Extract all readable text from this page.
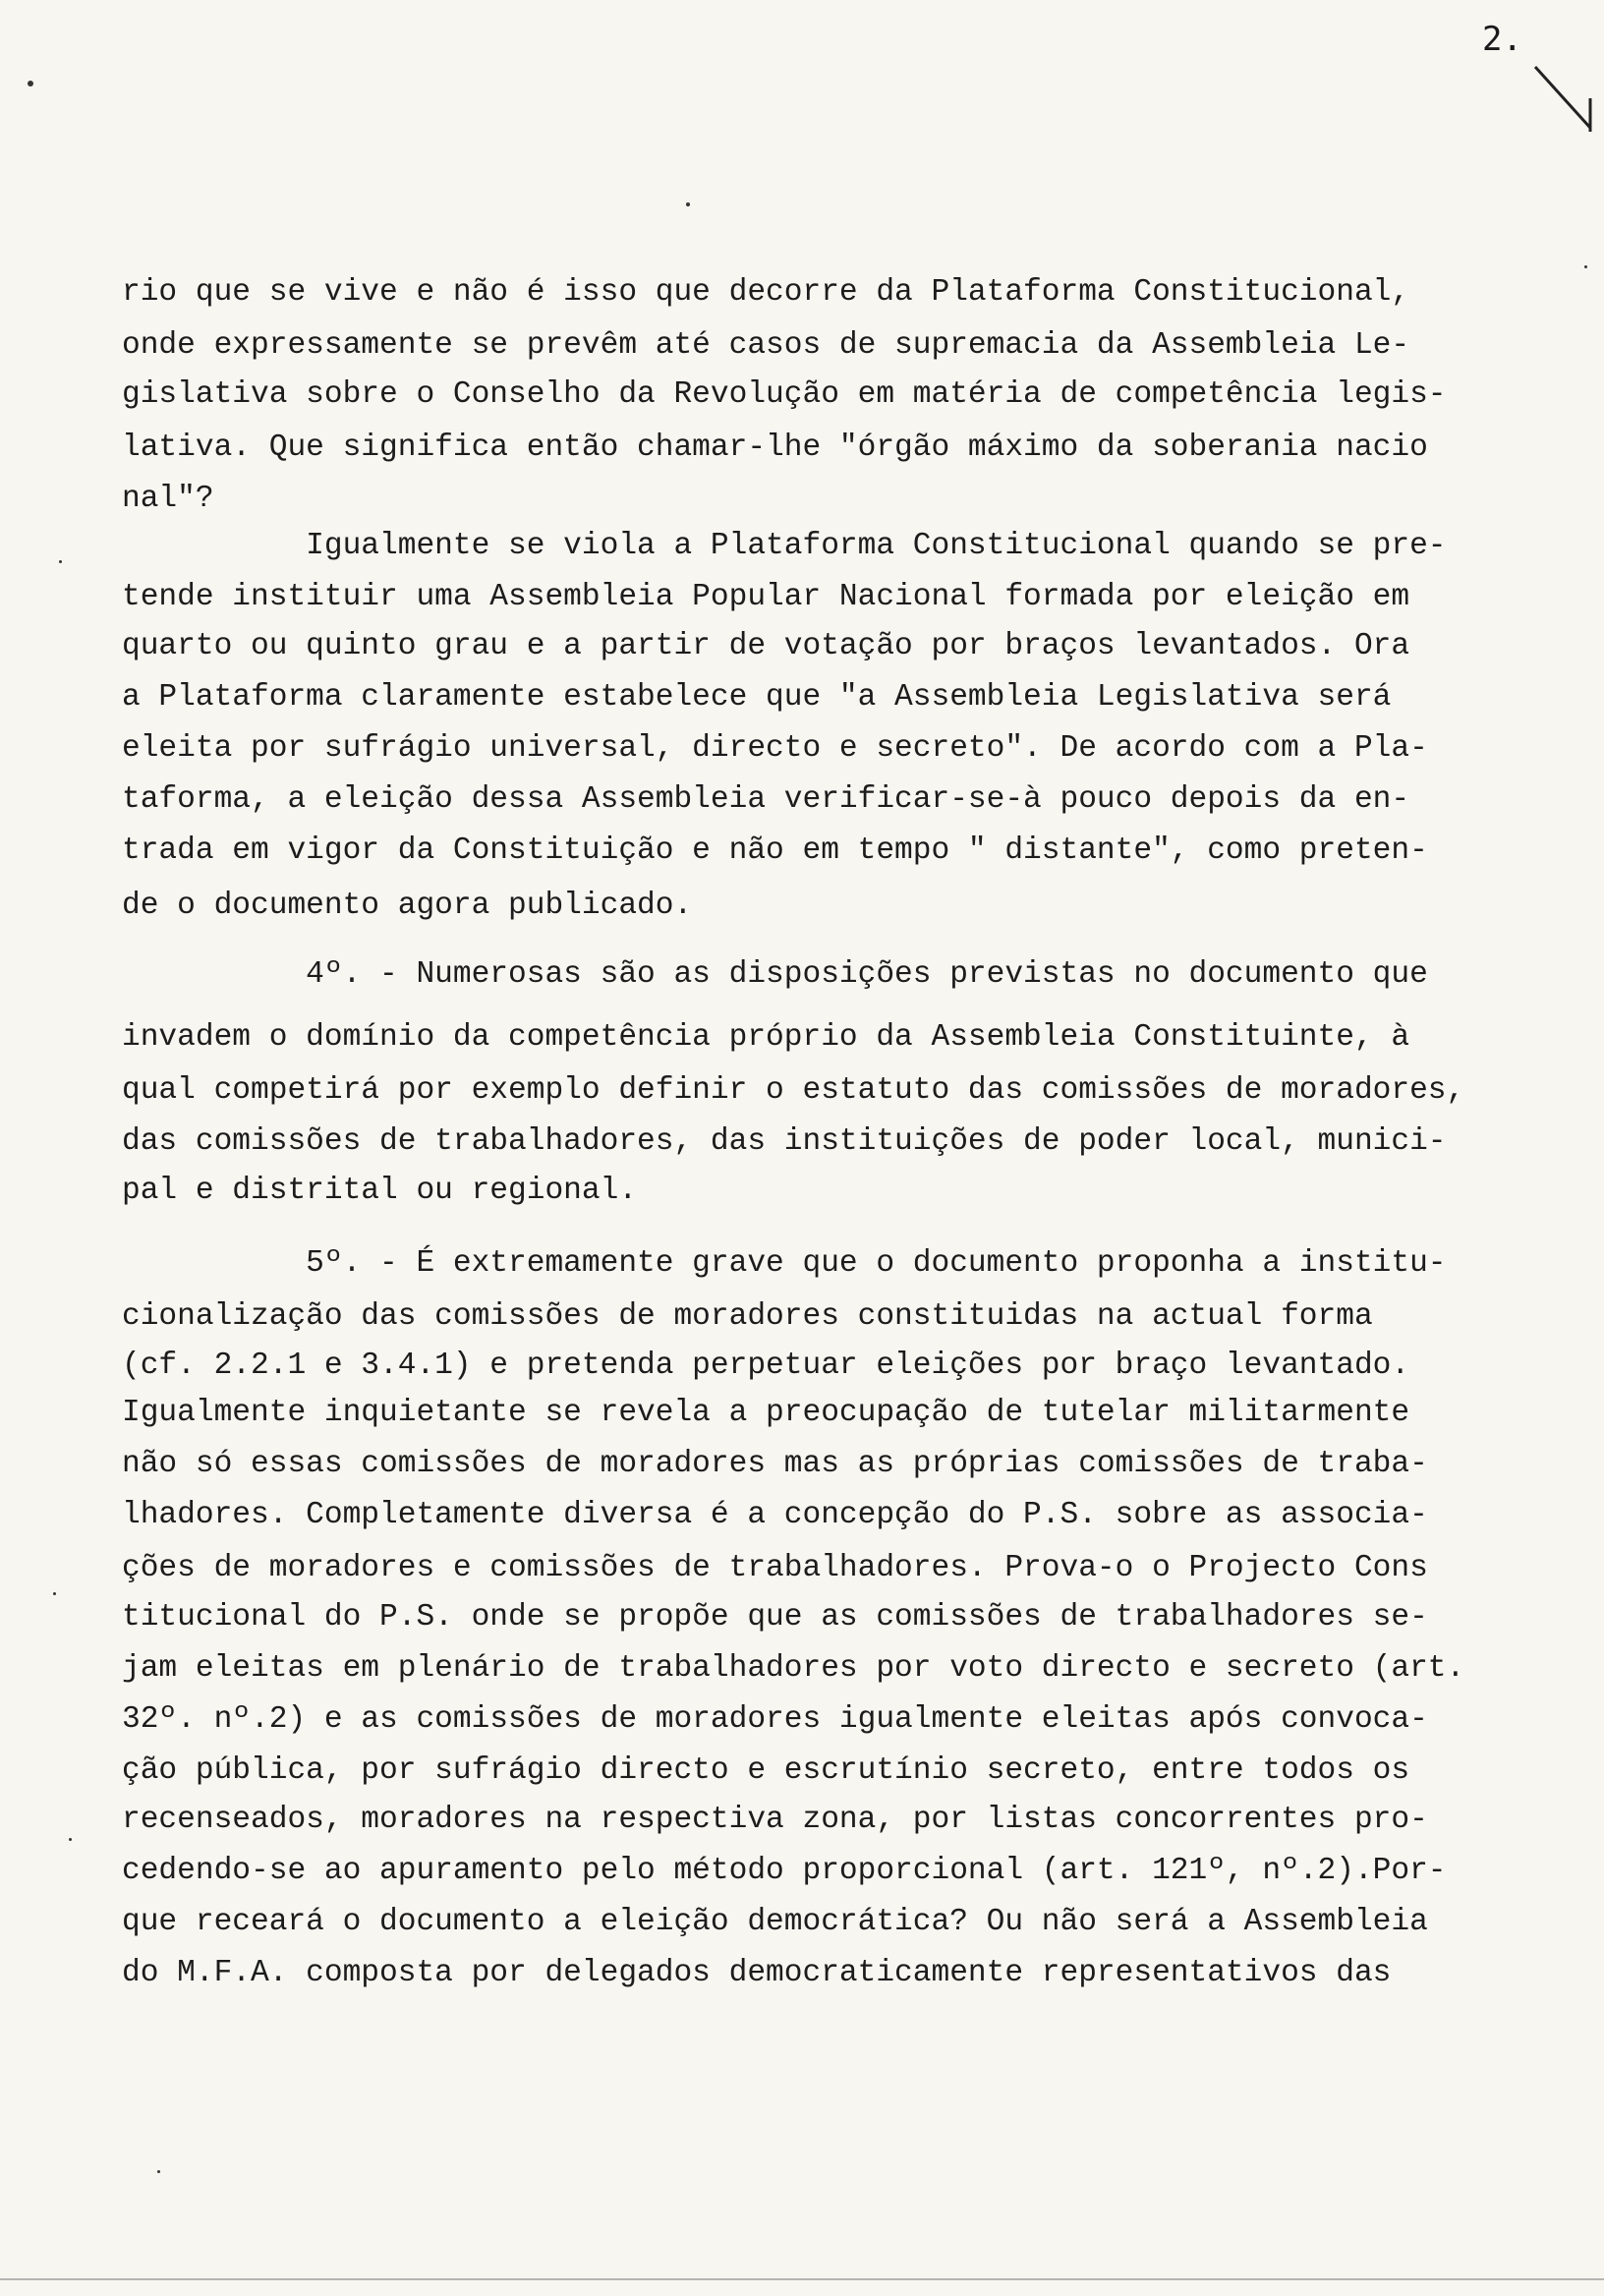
2.
rio que se vive e não é isso que decorre da Plataforma Constitucional,
onde expressamente se prevêm até casos de supremacia da Assembleia Le-
gislativa sobre o Conselho da Revolução em matéria de competência legis-
lativa. Que significa então chamar-lhe "órgão máximo da soberania nacio
nal"?
Igualmente se viola a Plataforma Constitucional quando se pre-
tende instituir uma Assembleia Popular Nacional formada por eleição em
quarto ou quinto grau e a partir de votação por braços levantados. Ora
a Plataforma claramente estabelece que "a Assembleia Legislativa será
eleita por sufrágio universal, directo e secreto". De acordo com a Pla-
taforma, a eleição dessa Assembleia verificar-se-à pouco depois da en-
trada em vigor da Constituição e não em tempo " distante", como preten-
de o documento agora publicado.
4º. - Numerosas são as disposições previstas no documento que
invadem o domínio da competência próprio da Assembleia Constituinte, à
qual competirá por exemplo definir o estatuto das comissões de moradores,
das comissões de trabalhadores, das instituições de poder local, munici-
pal e distrital ou regional.
5º. - É extremamente grave que o documento proponha a institu-
cionalização das comissões de moradores constituidas na actual forma
(cf. 2.2.1 e 3.4.1) e pretenda perpetuar eleições por braço levantado.
Igualmente inquietante se revela a preocupação de tutelar militarmente
não só essas comissões de moradores mas as próprias comissões de traba-
lhadores. Completamente diversa é a concepção do P.S. sobre as associa-
ções de moradores e comissões de trabalhadores. Prova-o o Projecto Cons
titucional do P.S. onde se propõe que as comissões de trabalhadores se-
jam eleitas em plenário de trabalhadores por voto directo e secreto (art.
32º. nº.2) e as comissões de moradores igualmente eleitas após convoca-
ção pública, por sufrágio directo e escrutínio secreto, entre todos os
recenseados, moradores na respectiva zona, por listas concorrentes pro-
cedendo-se ao apuramento pelo método proporcional (art. 121º, nº.2).Por-
que receará o documento a eleição democrática? Ou não será a Assembleia
do M.F.A. composta por delegados democraticamente representativos das
